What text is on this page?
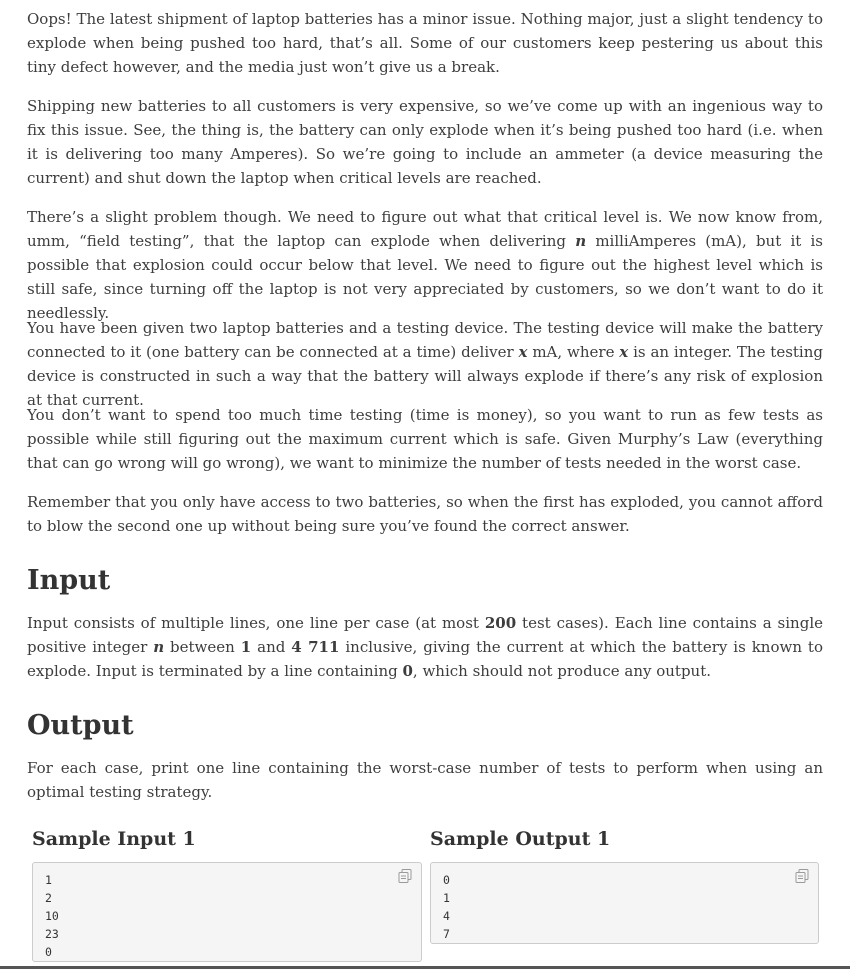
Oops! The latest shipment of laptop batteries has a minor issue. Nothing major, just a slight tendency to explode when being pushed too hard, that’s all. Some of our customers keep pestering us about this tiny defect however, and the media just won’t give us a break.

Shipping new batteries to all customers is very expensive, so we’ve come up with an ingenious way to fix this issue. See, the thing is, the battery can only explode when it’s being pushed too hard (i.e. when it is delivering too many Amperes). So we’re going to include an ammeter (a device measuring the current) and shut down the laptop when critical levels are reached.

There’s a slight problem though. We need to figure out what that critical level is. We now know from, umm, “field testing”, that the laptop can explode when delivering n milliAmperes (mA), but it is possible that explosion could occur below that level. We need to figure out the highest level which is still safe, since turning off the laptop is not very appreciated by customers, so we don’t want to do it needlessly.

You have been given two laptop batteries and a testing device. The testing device will make the battery connected to it (one battery can be connected at a time) deliver x mA, where x is an integer. The testing device is constructed in such a way that the battery will always explode if there’s any risk of explosion at that current.

You don’t want to spend too much time testing (time is money), so you want to run as few tests as possible while still figuring out the maximum current which is safe. Given Murphy’s Law (everything that can go wrong will go wrong), we want to minimize the number of tests needed in the worst case.

Remember that you only have access to two batteries, so when the first has exploded, you cannot afford to blow the second one up without being sure you’ve found the correct answer.

Input

Input consists of multiple lines, one line per case (at most 200 test cases). Each line contains a single positive integer n between 1 and 4 711 inclusive, giving the current at which the battery is known to explode. Input is terminated by a line containing 0, which should not produce any output.

Output

For each case, print one line containing the worst-case number of tests to perform when using an optimal testing strategy.

Sample Input 1
1
2
10
23
0
Sample Output 1
0
1
4
7
